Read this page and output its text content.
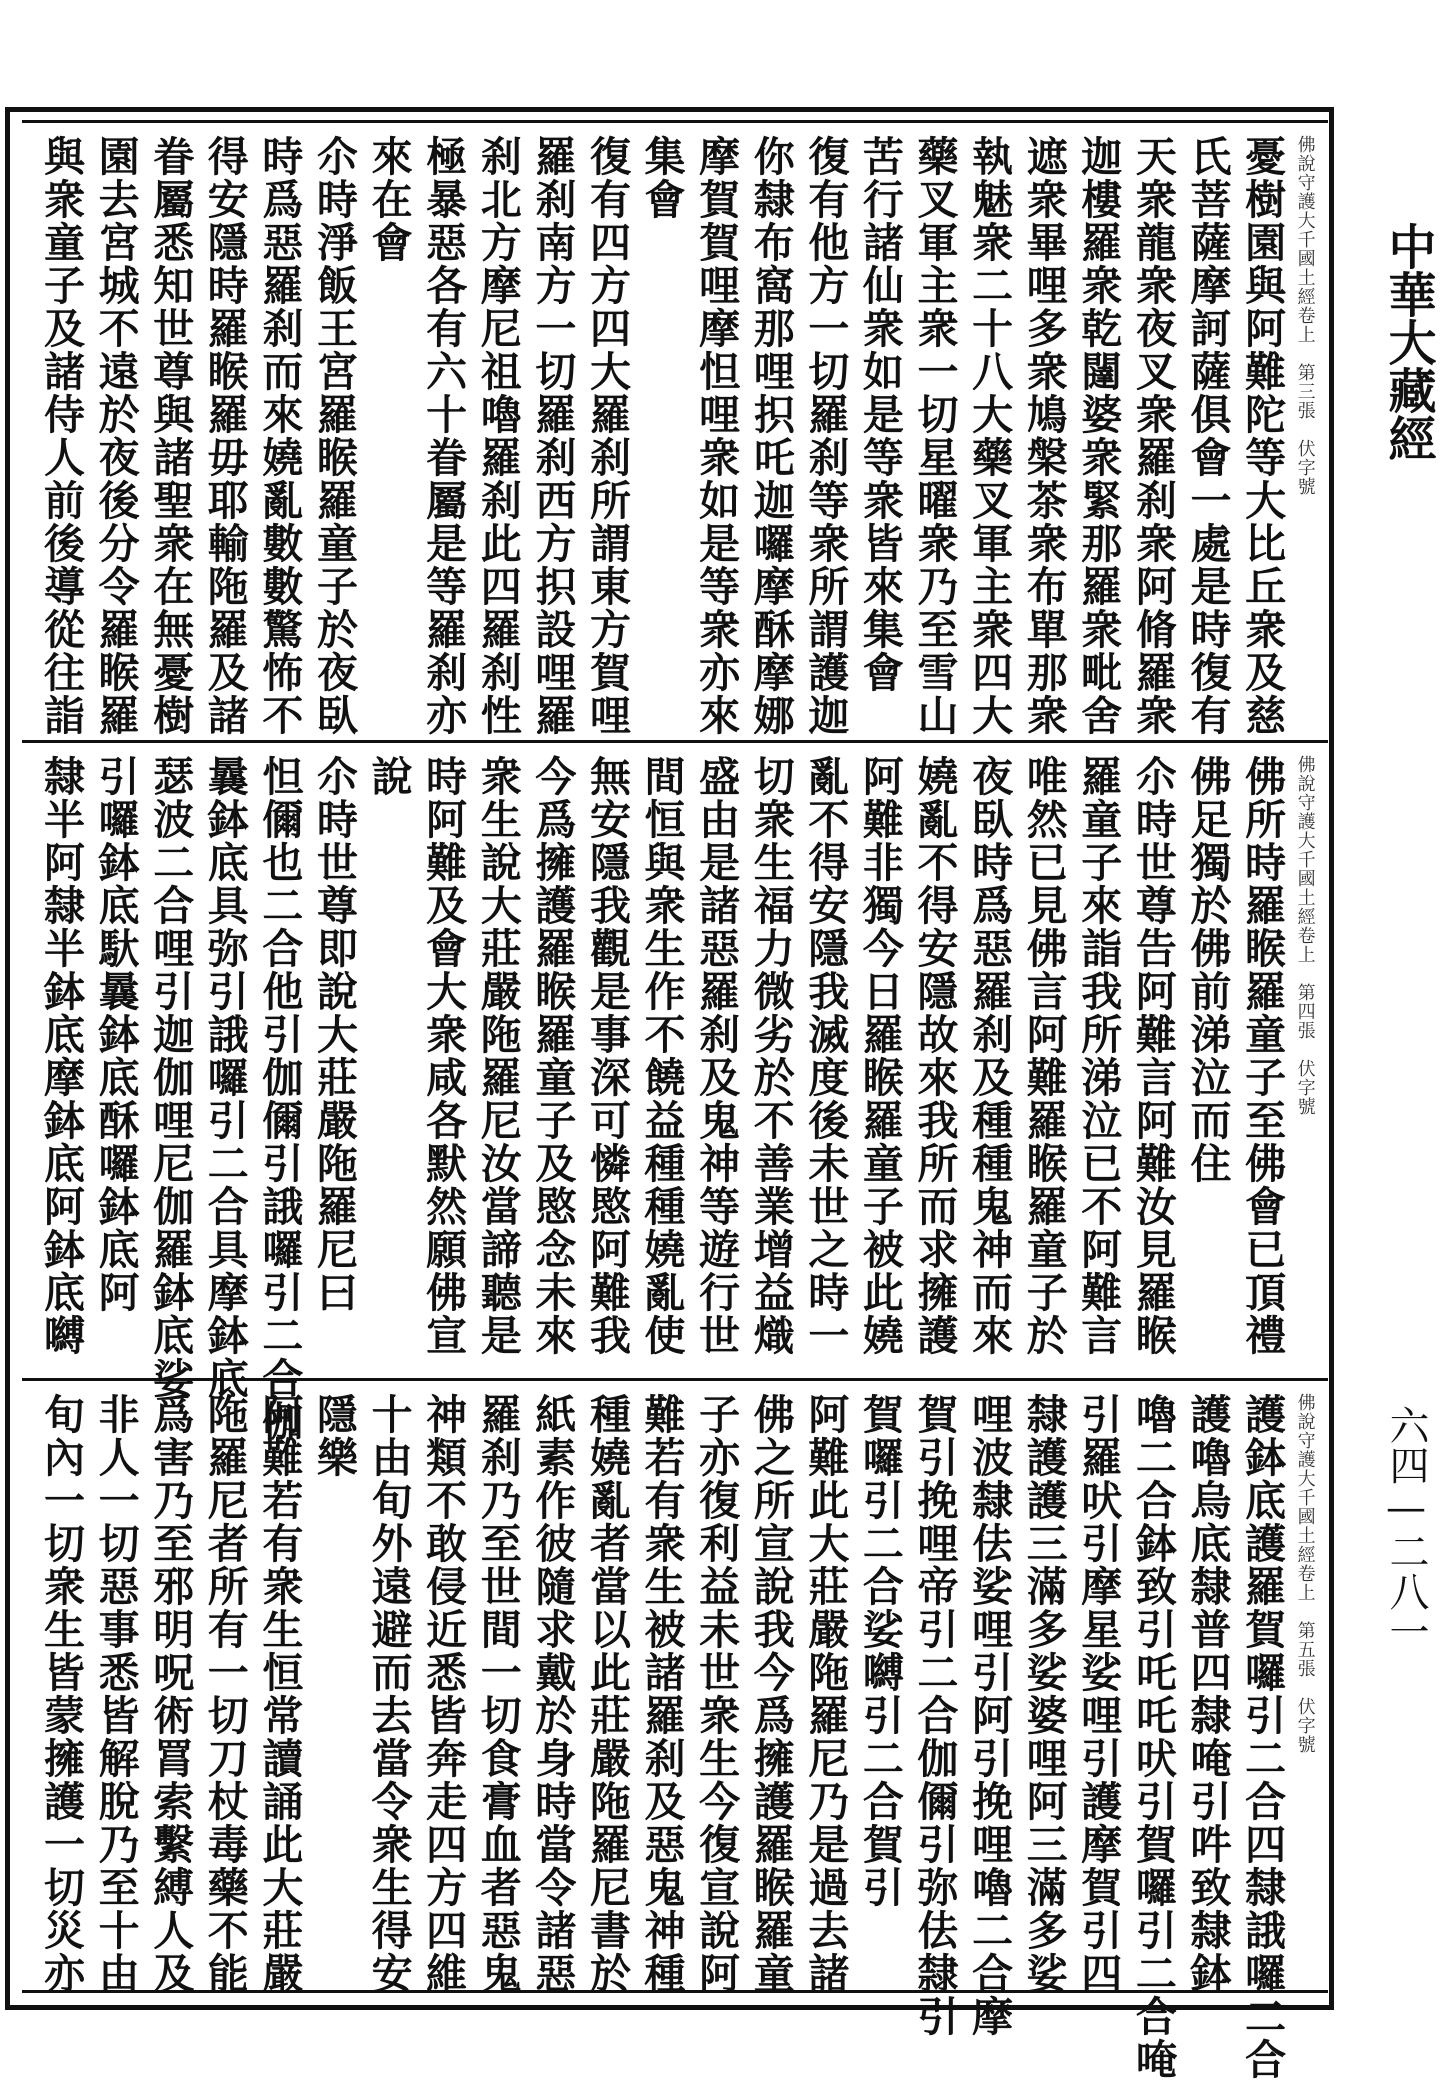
中華大藏經
六四—二八一
佛說守護大千國土經卷上　第三張　伏字號
憂樹園與阿難陀等大比丘衆及慈
氏菩薩摩訶薩俱會一處是時復有
天衆龍衆夜叉衆羅刹衆阿脩羅衆
迦樓羅衆乾闥婆衆緊那羅衆毗舍
遮衆畢哩多衆鳩槃茶衆布單那衆
執魅衆二十八大藥叉軍主衆四大
藥叉軍主衆一切星曜衆乃至雪山
苦行諸仙衆如是等衆皆來集會
復有他方一切羅刹等衆所謂護迦
你隸布窩那哩抧吒迦囉摩酥摩娜
摩賀賀哩摩怛哩衆如是等衆亦來
集會
復有四方四大羅刹所謂東方賀哩
羅刹南方一切羅刹西方抧設哩羅
刹北方摩尼祖嚕羅刹此四羅刹性
極暴惡各有六十眷屬是等羅刹亦
來在會
尒時淨飯王宮羅睺羅童子於夜臥
時爲惡羅刹而來嬈亂數數驚怖不
得安隱時羅睺羅毋耶輸陁羅及諸
眷屬悉知世尊與諸聖衆在無憂樹
園去宮城不遠於夜後分令羅睺羅
與衆童子及諸侍人前後導從往詣
佛說守護大千國土經卷上　第四張　伏字號
佛所時羅睺羅童子至佛會已頂禮
佛足獨於佛前涕泣而住
尒時世尊告阿難言阿難汝見羅睺
羅童子來詣我所涕泣已不阿難言
唯然已見佛言阿難羅睺羅童子於
夜臥時爲惡羅刹及種種鬼神而來
嬈亂不得安隱故來我所而求擁護
阿難非獨今日羅睺羅童子被此嬈
亂不得安隱我滅度後未世之時一
切衆生福力微劣於不善業增益熾
盛由是諸惡羅刹及鬼神等遊行世
間恒與衆生作不饒益種種嬈亂使
無安隱我觀是事深可憐愍阿難我
今爲擁護羅睺羅童子及愍念未來
衆生說大莊嚴陁羅尼汝當諦聽是
時阿難及會大衆咸各默然願佛宣
說
尒時世尊即說大莊嚴陁羅尼曰
怛儞也二合他引伽儞引誐囉引二合伽
曩鉢底具弥引誐囉引二合具摩鉢底
瑟波二合哩引迦伽哩尼伽羅鉢底娑
引囉鉢底馱曩鉢底酥囉鉢底阿
隸半阿隸半鉢底摩鉢底阿鉢底嚩
佛說守護大千國土經卷上　第五張　伏字號
護鉢底護羅賀囉引二合四隸誐囉二合
護嚕烏底隸普四隸唵引吽致隸鉢
嚕二合鉢致引吒吒吠引賀囉引二合唵
引羅吠引摩星娑哩引護摩賀引四
隸護護三滿多娑婆哩阿三滿多娑
哩波隸佉娑哩引阿引挽哩嚕二合摩
賀引挽哩帝引二合伽儞引弥佉隸引
賀囉引二合娑嚩引二合賀引
阿難此大莊嚴陁羅尼乃是過去諸
佛之所宣說我今爲擁護羅睺羅童
子亦復利益未世衆生今復宣說阿
難若有衆生被諸羅刹及惡鬼神種
種嬈亂者當以此莊嚴陁羅尼書於
紙素作彼隨求戴於身時當令諸惡
羅刹乃至世間一切食膏血者惡鬼
神類不敢侵近悉皆奔走四方四維
十由旬外遠避而去當令衆生得安
隱樂
阿難若有衆生恒常讀誦此大莊嚴
陁羅尼者所有一切刀杖毒藥不能
爲害乃至邪明呪術罥索繫縛人及
非人一切惡事悉皆解脫乃至十由
旬內一切衆生皆蒙擁護一切災亦
